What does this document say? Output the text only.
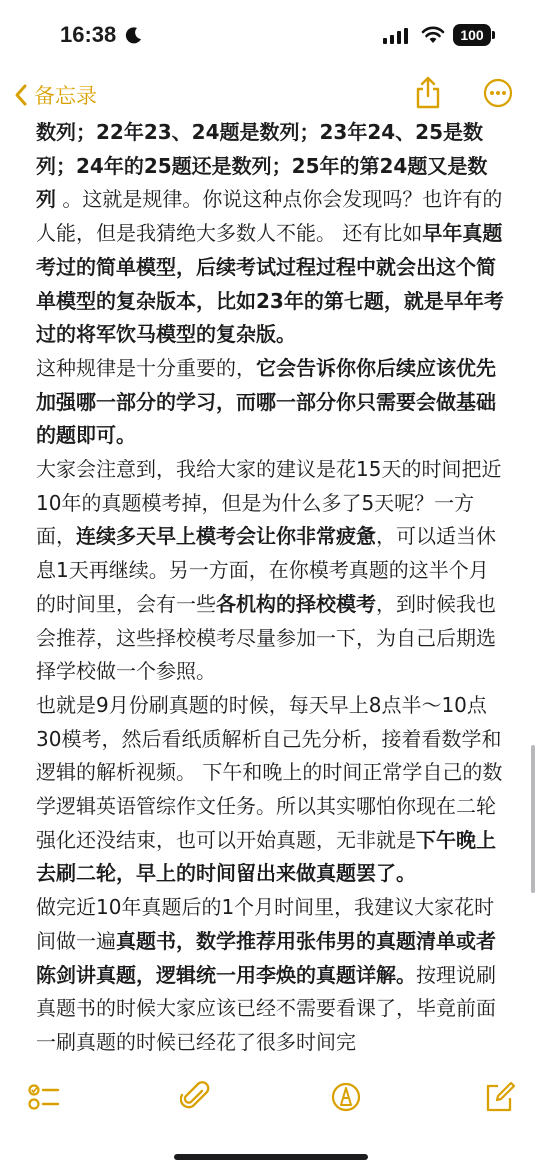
16:38	100
备忘录

数列；22年23、24题是数列；23年24、25是数列；24年的25题还是数列；25年的第24题又是数列 。这就是规律。你说这种点你会发现吗？也许有的人能，但是我猜绝大多数人不能。 还有比如早年真题考过的简单模型，后续考试过程过程中就会出这个简单模型的复杂版本，比如23年的第七题，就是早年考过的将军饮马模型的复杂版。

这种规律是十分重要的，它会告诉你你后续应该优先加强哪一部分的学习，而哪一部分你只需要会做基础的题即可。

大家会注意到，我给大家的建议是花15天的时间把近10年的真题模考掉，但是为什么多了5天呢？一方面，连续多天早上模考会让你非常疲惫，可以适当休息1天再继续。另一方面，在你模考真题的这半个月的时间里，会有一些各机构的择校模考，到时候我也会推荐，这些择校模考尽量参加一下，为自己后期选择学校做一个参照。

也就是9月份刷真题的时候，每天早上8点半～10点30模考，然后看纸质解析自己先分析，接着看数学和逻辑的解析视频。 下午和晚上的时间正常学自己的数学逻辑英语管综作文任务。所以其实哪怕你现在二轮强化还没结束，也可以开始真题，无非就是下午晚上去刷二轮，早上的时间留出来做真题罢了。

做完近10年真题后的1个月时间里，我建议大家花时间做一遍真题书，数学推荐用张伟男的真题清单或者陈剑讲真题，逻辑统一用李焕的真题详解。按理说刷真题书的时候大家应该已经不需要看课了，毕竟前面一刷真题的时候已经花了很多时间完
